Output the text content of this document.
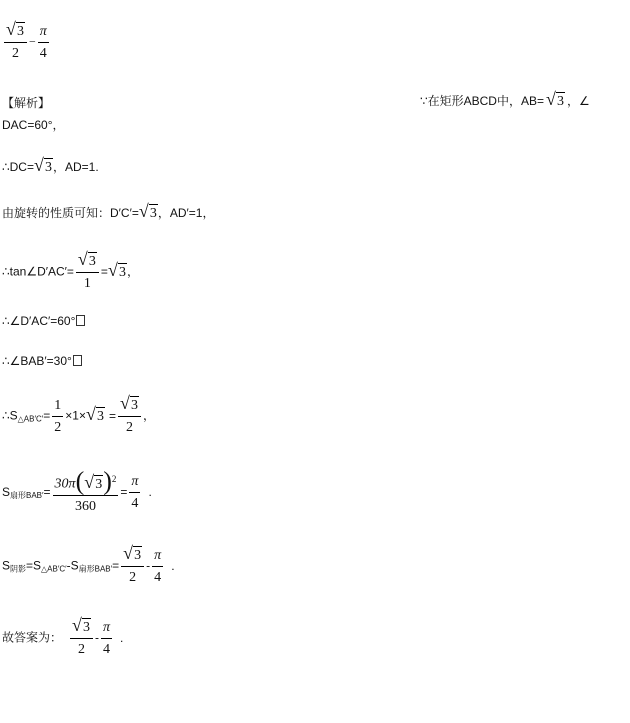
$\frac{√ 3}{2} - \frac{\pi}{4}$
【解析】	∵在矩形ABCD中，AB= √ 3 ，∠
DAC=60°，
∴DC= √ 3，AD=1.
由旋转的性质可知：D′C′= √ 3，AD′=1，
∴tan∠D′AC′= $\frac{√ 3}{1}$ = √ 3，
∴∠D′AC′=60°
∴∠BAB′=30°
$\therefore S_{\triangle AB'C'}= \frac{1}{2} \times 1\times$ √ $3 = \frac{√ 3}{2}$ ，
$S_{扇形BAB'}= \frac{30\pi( √ 3)^2}{360} = \frac{\pi}{4}$ .
$S_{阴影}=S_{\triangle AB'C'}-S_{扇形BAB'}= \frac{√ 3}{2} - \frac{\pi}{4}$ .
故答案为： $\frac{√ 3}{2} - \frac{\pi}{4}$ .
